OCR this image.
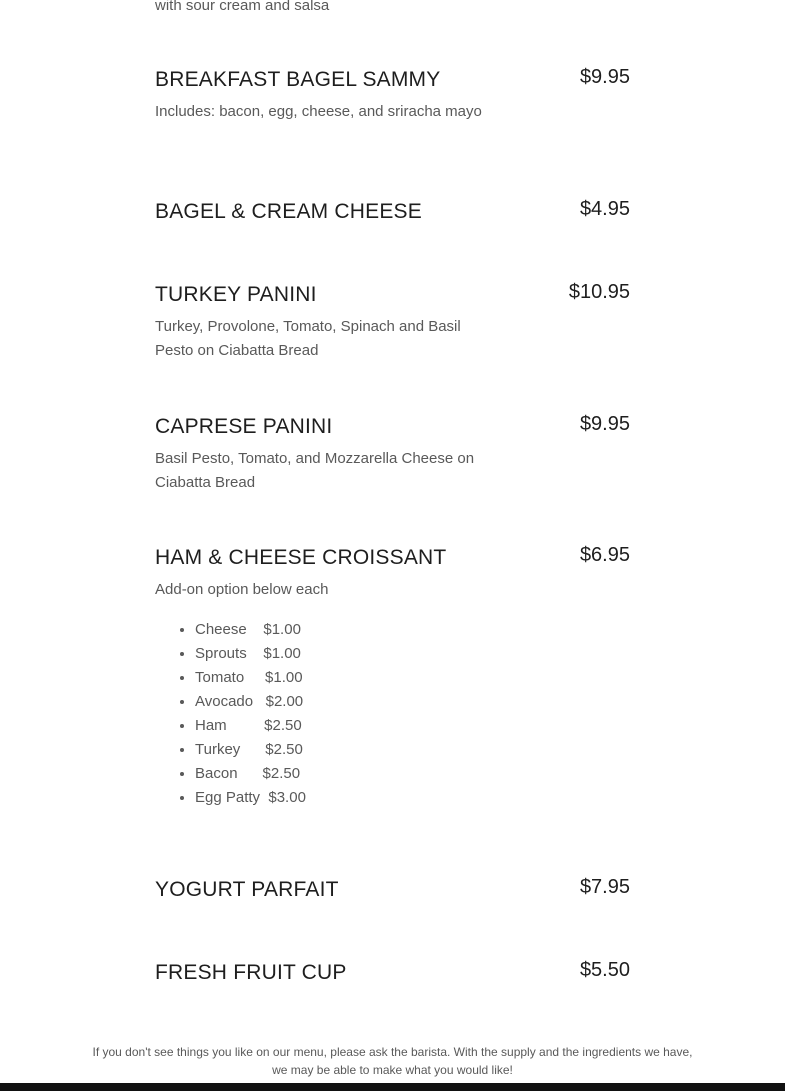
with sour cream and salsa
BREAKFAST BAGEL SAMMY	$9.95
Includes: bacon, egg, cheese, and sriracha mayo
BAGEL & CREAM CHEESE	$4.95
TURKEY PANINI	$10.95
Turkey, Provolone, Tomato, Spinach and Basil Pesto on Ciabatta Bread
CAPRESE PANINI	$9.95
Basil Pesto, Tomato, and Mozzarella Cheese on Ciabatta Bread
HAM & CHEESE CROISSANT	$6.95
Add-on option below each
• Cheese    $1.00
• Sprouts    $1.00
• Tomato     $1.00
• Avocado   $2.00
• Ham         $2.50
• Turkey      $2.50
• Bacon      $2.50
• Egg Patty  $3.00
YOGURT PARFAIT	$7.95
FRESH FRUIT CUP	$5.50
If you don't see things you like on our menu, please ask the barista. With the supply and the ingredients we have,
we may be able to make what you would like!
